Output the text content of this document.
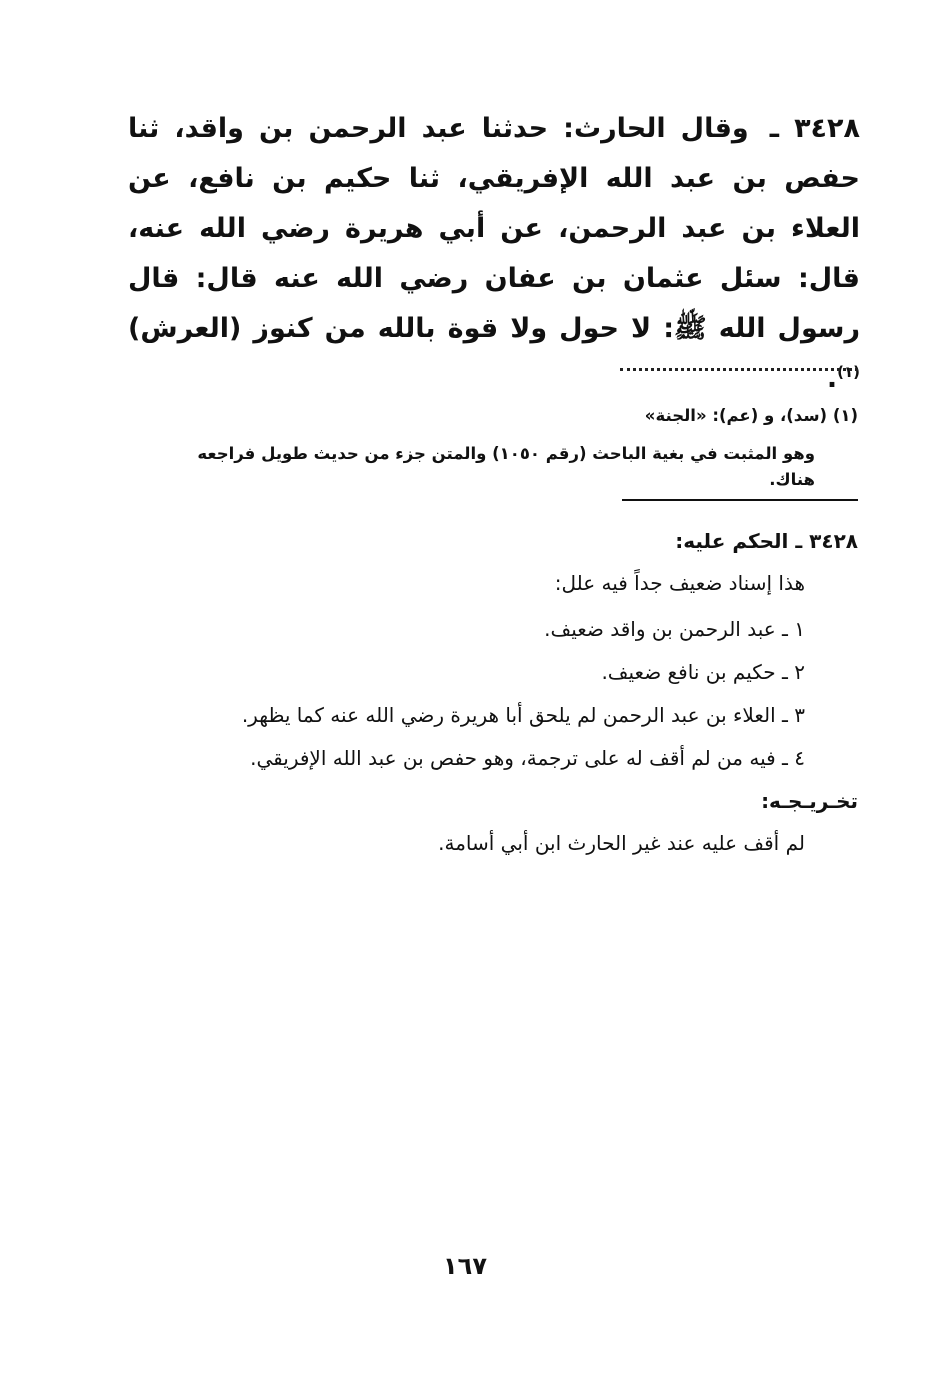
٣٤٢٨ ـ وقال الحارث: حدثنا عبد الرحمن بن واقد، ثنا حفص بن عبد الله الإفريقي، ثنا حكيم بن نافع، عن العلاء بن عبد الرحمن، عن أبي هريرة رضي الله عنه، قال: سئل عثمان بن عفان رضي الله عنه قال: قال رسول الله ﷺ: لا حول ولا قوة بالله من كنوز (العرش)$^{(١)}$.
(١) (سد)، و (عم): «الجنة»
وهو المثبت في بغية الباحث (رقم ١٠٥٠) والمتن جزء من حديث طويل فراجعه هناك.
٣٤٢٨ ـ الحكم عليه:
هذا إسناد ضعيف جداً فيه علل:
١ ـ عبد الرحمن بن واقد ضعيف.
٢ ـ حكيم بن نافع ضعيف.
٣ ـ العلاء بن عبد الرحمن لم يلحق أبا هريرة رضي الله عنه كما يظهر.
٤ ـ فيه من لم أقف له على ترجمة، وهو حفص بن عبد الله الإفريقي.
تخـريـجـه:
لم أقف عليه عند غير الحارث ابن أبي أسامة.
١٦٧
